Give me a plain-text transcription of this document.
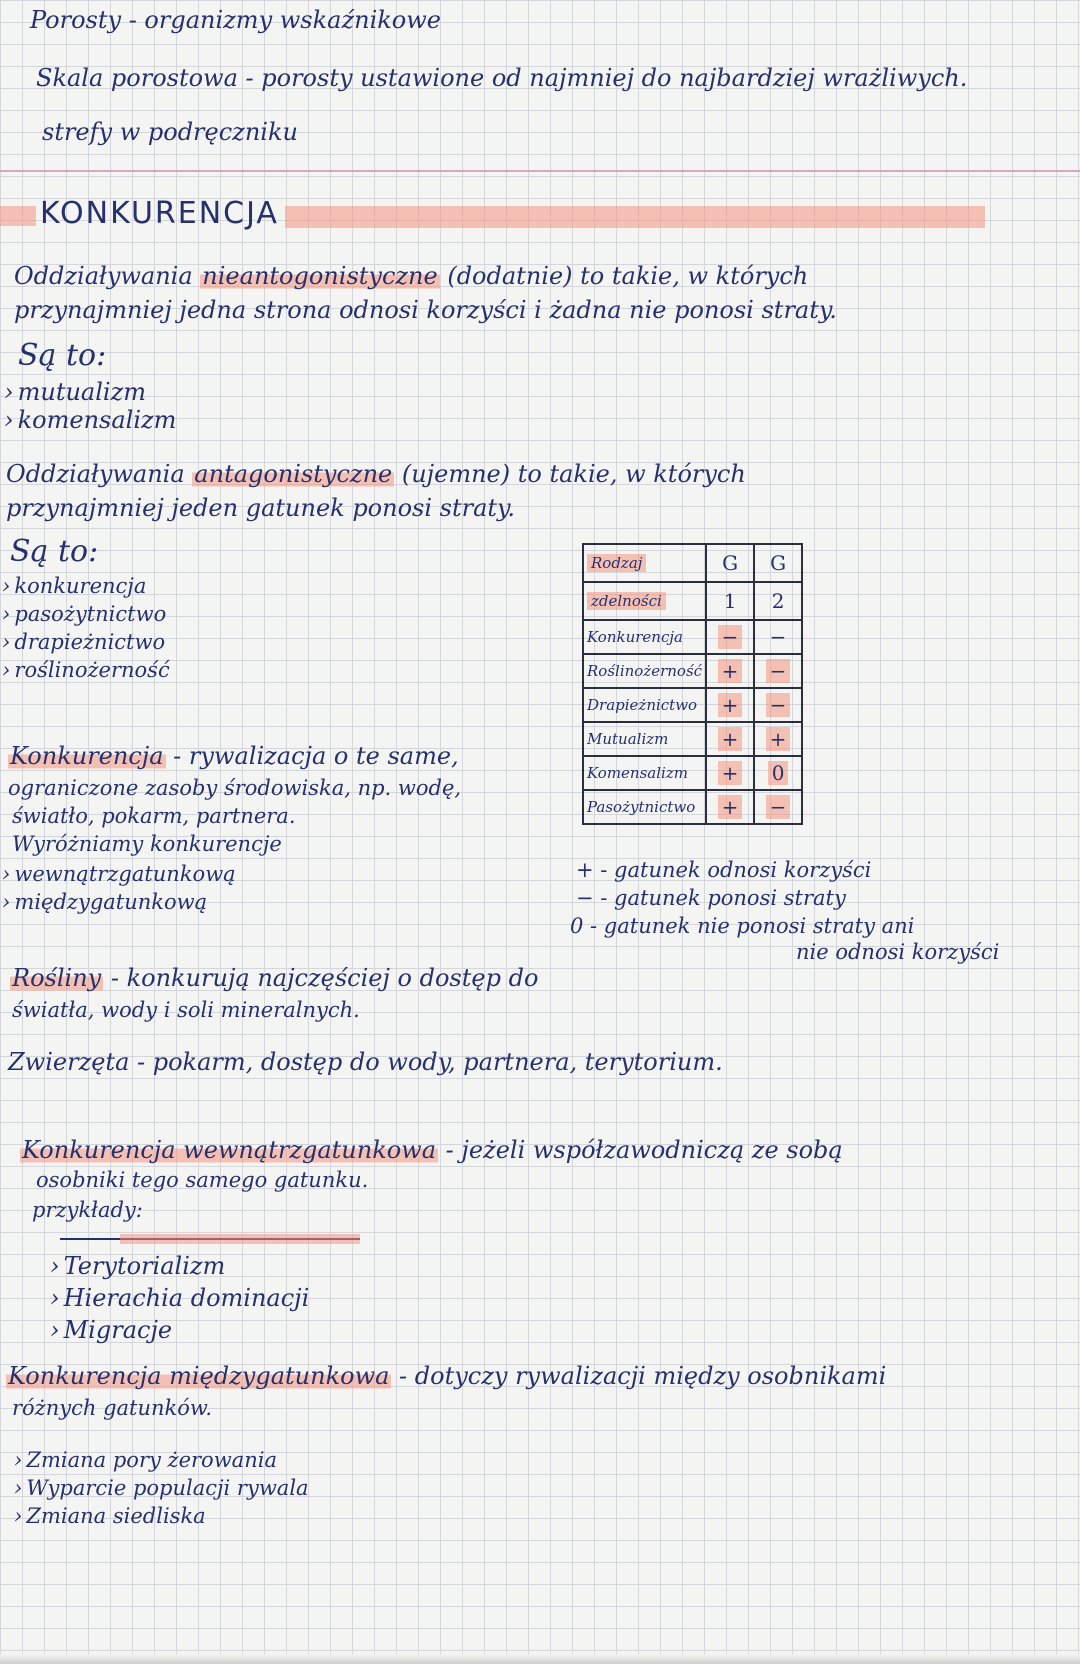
Porosty - organizmy wskaźnikowe
Skala porostowa - porosty ustawione od najmniej do najbardziej wrażliwych.
strefy w podręczniku
KONKURENCJA
Oddziaływania nieantogonistyczne (dodatnie) to takie, w których
przynajmniej jedna strona odnosi korzyści i żadna nie ponosi straty.
Są to:
› mutualizm
› komensalizm
Oddziaływania antagonistyczne (ujemne) to takie, w których
przynajmniej jeden gatunek ponosi straty.
Są to:
› konkurencja
› pasożytnictwo
› drapieżnictwo
› roślinożerność
Rodzaj	G	G
zdelności	1	2
Konkurencja	−	−
Roślinożerność	+	−
Drapieżnictwo	+	−
Mutualizm	+	+
Komensalizm	+	0
Pasożytnictwo	+	−
+ - gatunek odnosi korzyści
− - gatunek ponosi straty
0 - gatunek nie ponosi straty ani
nie odnosi korzyści
Konkurencja - rywalizacja o te same,
ograniczone zasoby środowiska, np. wodę,
światło, pokarm, partnera.
Wyróżniamy konkurencje
› wewnątrzgatunkową
› międzygatunkową
Rośliny - konkurują najczęściej o dostęp do
światła, wody i soli mineralnych.
Zwierzęta - pokarm, dostęp do wody, partnera, terytorium.
Konkurencja wewnątrzgatunkowa - jeżeli współzawodniczą ze sobą
osobniki tego samego gatunku.
przykłady:
› Terytorializm
› Hierachia dominacji
› Migracje
Konkurencja międzygatunkowa - dotyczy rywalizacji między osobnikami
różnych gatunków.
› Zmiana pory żerowania
› Wyparcie populacji rywala
› Zmiana siedliska
